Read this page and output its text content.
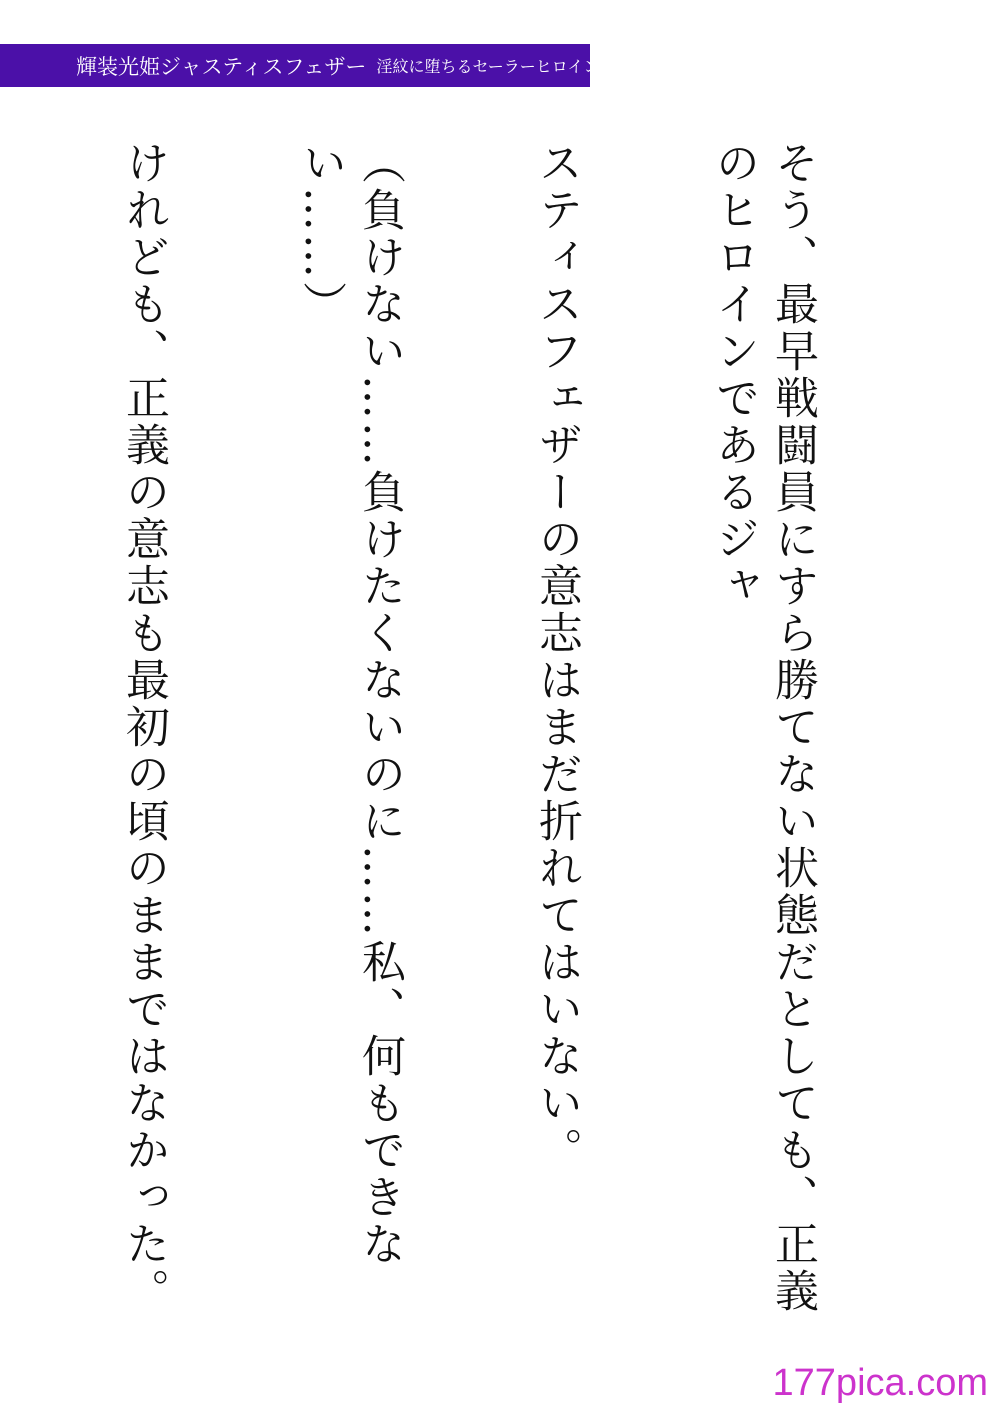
輝装光姫ジャスティスフェザー 淫紋に堕ちるセーラーヒロイン

そう、最早戦闘員にすら勝てない状態だとしても、正義のヒロインであるジャ

スティスフェザーの意志はまだ折れてはいない。

（負けない……負けたくないのに……私、何もできない……）

けれども、正義の意志も最初の頃のままではなかった。

177pica.com
